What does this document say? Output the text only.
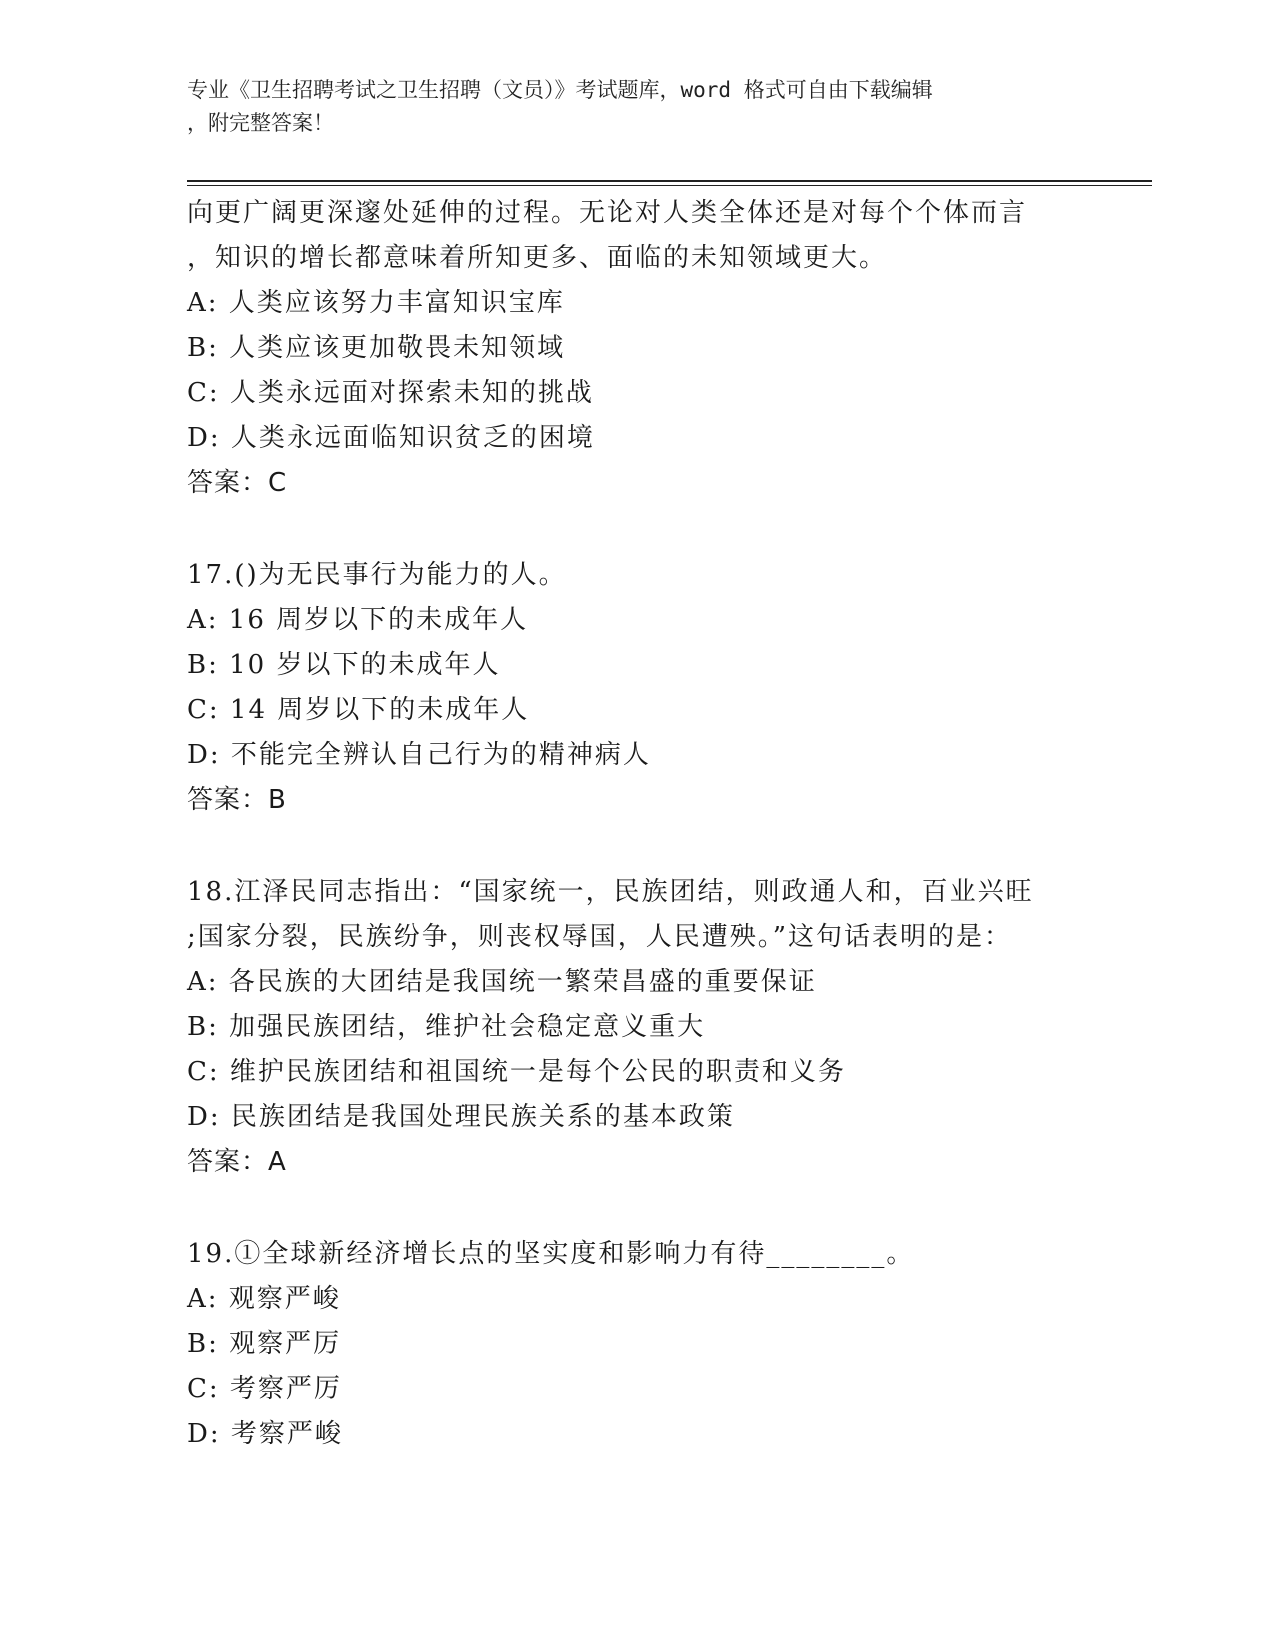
专业《卫生招聘考试之卫生招聘（文员）》考试题库，word 格式可自由下载编辑
，附完整答案！
向更广阔更深邃处延伸的过程。无论对人类全体还是对每个个体而言
，知识的增长都意味着所知更多、面临的未知领域更大。
A: 人类应该努力丰富知识宝库
B: 人类应该更加敬畏未知领域
C: 人类永远面对探索未知的挑战
D: 人类永远面临知识贫乏的困境
答案：C
17.()为无民事行为能力的人。
A: 16 周岁以下的未成年人
B: 10 岁以下的未成年人
C: 14 周岁以下的未成年人
D: 不能完全辨认自己行为的精神病人
答案：B
18.江泽民同志指出：“国家统一，民族团结，则政通人和，百业兴旺
;国家分裂，民族纷争，则丧权辱国，人民遭殃。”这句话表明的是：
A: 各民族的大团结是我国统一繁荣昌盛的重要保证
B: 加强民族团结，维护社会稳定意义重大
C: 维护民族团结和祖国统一是每个公民的职责和义务
D: 民族团结是我国处理民族关系的基本政策
答案：A
19.①全球新经济增长点的坚实度和影响力有待________。
A: 观察严峻
B: 观察严厉
C: 考察严厉
D: 考察严峻
